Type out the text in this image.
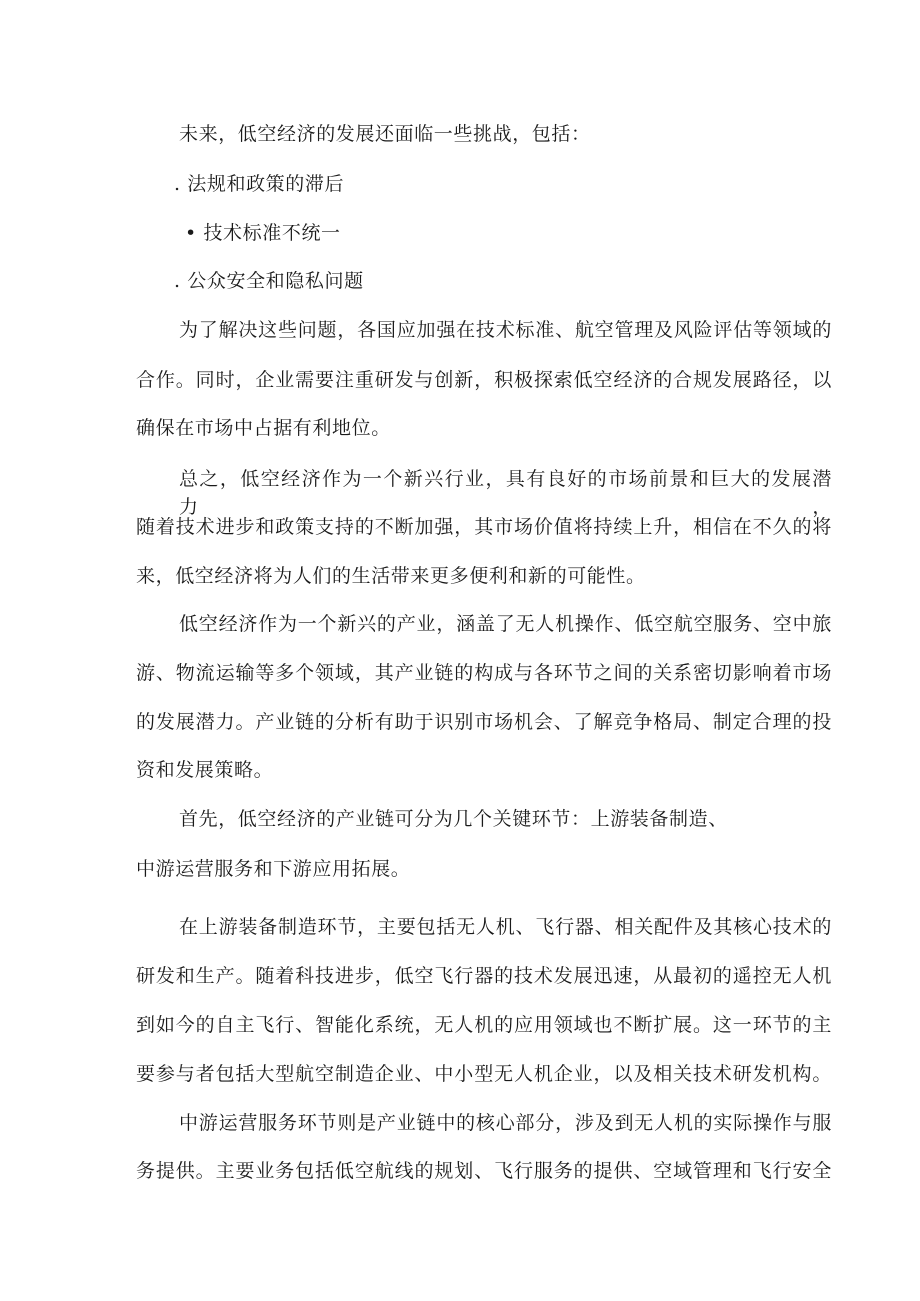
未来，低空经济的发展还面临一些挑战，包括：
. 法规和政策的滞后
• 技术标准不统一
. 公众安全和隐私问题
为了解决这些问题，各国应加强在技术标准、航空管理及风险评估等领域的
合作。同时，企业需要注重研发与创新，积极探索低空经济的合规发展路径，以
确保在市场中占据有利地位。
总之，低空经济作为一个新兴行业，具有良好的市场前景和巨大的发展潜力，
随着技术进步和政策支持的不断加强，其市场价值将持续上升，相信在不久的将
来，低空经济将为人们的生活带来更多便利和新的可能性。
低空经济作为一个新兴的产业，涵盖了无人机操作、低空航空服务、空中旅
游、物流运输等多个领域，其产业链的构成与各环节之间的关系密切影响着市场
的发展潜力。产业链的分析有助于识别市场机会、了解竞争格局、制定合理的投
资和发展策略。
首先，低空经济的产业链可分为几个关键环节：上游装备制造、
中游运营服务和下游应用拓展。
在上游装备制造环节，主要包括无人机、飞行器、相关配件及其核心技术的
研发和生产。随着科技进步，低空飞行器的技术发展迅速，从最初的遥控无人机
到如今的自主飞行、智能化系统，无人机的应用领域也不断扩展。这一环节的主
要参与者包括大型航空制造企业、中小型无人机企业，以及相关技术研发机构。
中游运营服务环节则是产业链中的核心部分，涉及到无人机的实际操作与服
务提供。主要业务包括低空航线的规划、飞行服务的提供、空域管理和飞行安全
